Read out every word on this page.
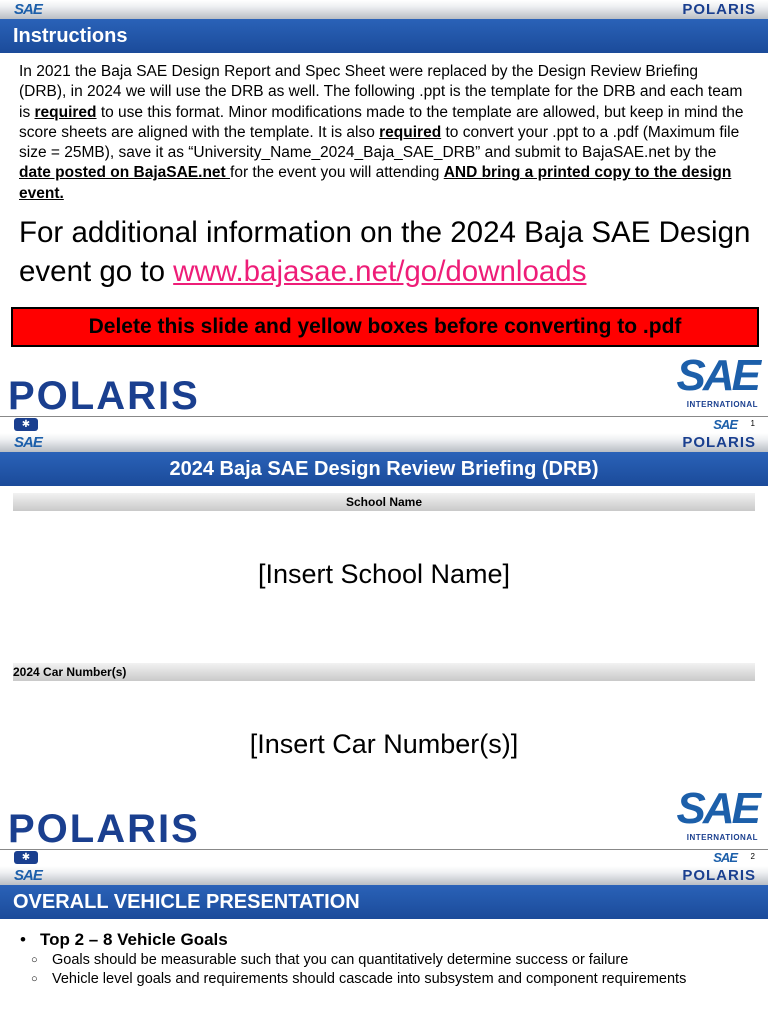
SAE	POLARIS
Instructions
In 2021 the Baja SAE Design Report and Spec Sheet were replaced by the Design Review Briefing (DRB), in 2024 we will use the DRB as well. The following .ppt is the template for the DRB and each team is required to use this format. Minor modifications made to the template are allowed, but keep in mind the score sheets are aligned with the template. It is also required to convert your .ppt to a .pdf (Maximum file size = 25MB), save it as “University_Name_2024_Baja_SAE_DRB” and submit to BajaSAE.net by the date posted on BajaSAE.net for the event you will attending AND bring a printed copy to the design event.
For additional information on the 2024 Baja SAE Design event go to www.bajasae.net/go/downloads
Delete this slide and yellow boxes before converting to .pdf
POLARIS	SAE
INTERNATIONAL
✱	SAE 1
SAE	POLARIS
2024 Baja SAE Design Review Briefing (DRB)
School Name
[Insert School Name]
2024 Car Number(s)
[Insert Car Number(s)]
POLARIS	SAE
INTERNATIONAL
✱	SAE 2
SAE	POLARIS
OVERALL VEHICLE PRESENTATION
• Top 2 – 8 Vehicle Goals
○ Goals should be measurable such that you can quantitatively determine success or failure
○ Vehicle level goals and requirements should cascade into subsystem and component requirements
